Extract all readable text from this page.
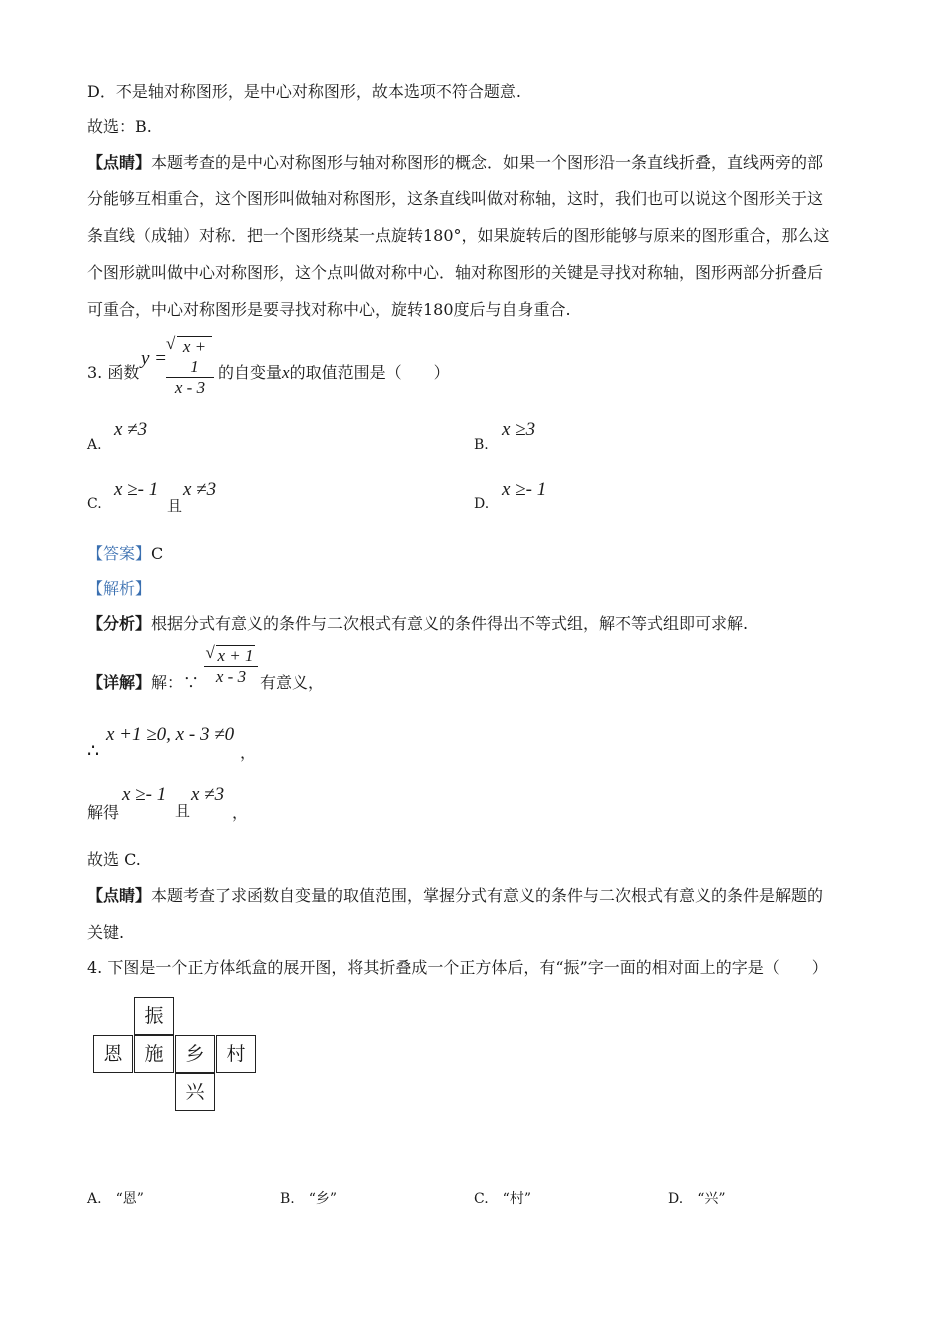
D．不是轴对称图形，是中心对称图形，故本选项不符合题意.
故选：B.
【点睛】本题考查的是中心对称图形与轴对称图形的概念．如果一个图形沿一条直线折叠，直线两旁的部
分能够互相重合，这个图形叫做轴对称图形，这条直线叫做对称轴，这时，我们也可以说这个图形关于这
条直线（成轴）对称．把一个图形绕某一点旋转180°，如果旋转后的图形能够与原来的图形重合，那么这
个图形就叫做中心对称图形，这个点叫做对称中心．轴对称图形的关键是寻找对称轴，图形两部分折叠后
可重合，中心对称图形是要寻找对称中心，旋转180度后与自身重合.
3. 函数
y =
√ x + 1
x - 3
的自变量x的取值范围是（　　）
A.
x ≠3
B.
x ≥3
C.
x ≥- 1
且
x ≠3
D.
x ≥- 1
【答案】C
【解析】
【分析】根据分式有意义的条件与二次根式有意义的条件得出不等式组，解不等式组即可求解.
【详解】解：∵
√ x + 1
x - 3 有意义，
∴
x +1 ≥0, x - 3 ≠0
，
解得
x ≥- 1
且
x ≠3
，
故选 C.
【点睛】本题考查了求函数自变量的取值范围，掌握分式有意义的条件与二次根式有意义的条件是解题的
关键.
4. 下图是一个正方体纸盒的展开图，将其折叠成一个正方体后，有“振”字一面的相对面上的字是（　　）
振
恩	施	乡	村
兴
A.　 “恩”	B.　 “乡”	C.　 “村”	D.　 “兴”
